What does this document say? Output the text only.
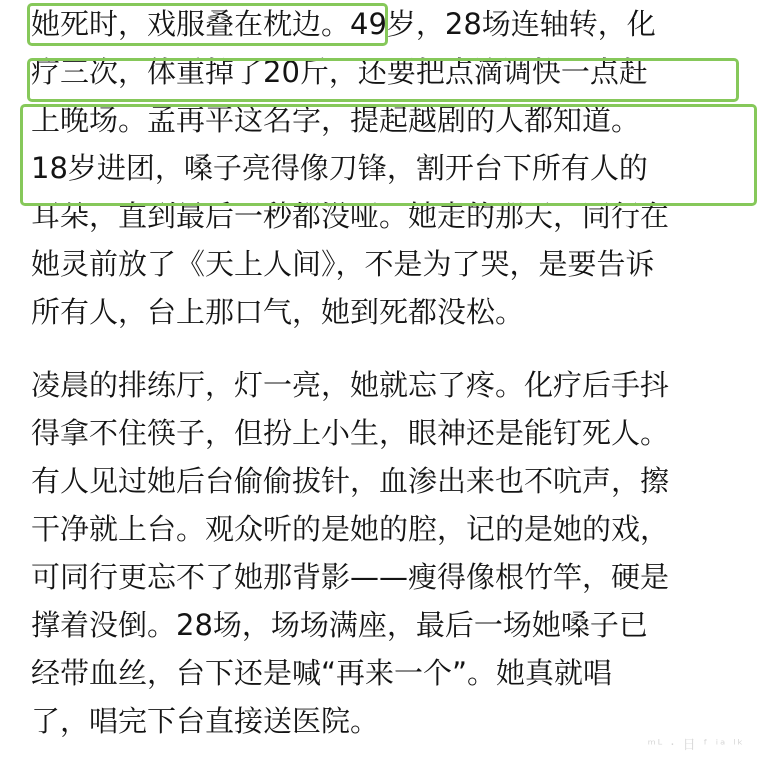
她死时，戏服叠在枕边。49岁，28场连轴转，化
疗三次，体重掉了20斤，还要把点滴调快一点赶
上晚场。孟再平这名字，提起越剧的人都知道。
18岁进团，嗓子亮得像刀锋，割开台下所有人的
耳朵，直到最后一秒都没哑。她走的那天，同行在
她灵前放了《天上人间》，不是为了哭，是要告诉
所有人，台上那口气，她到死都没松。
凌晨的排练厅，灯一亮，她就忘了疼。化疗后手抖
得拿不住筷子，但扮上小生，眼神还是能钉死人。
有人见过她后台偷偷拔针，血渗出来也不吭声，擦
干净就上台。观众听的是她的腔，记的是她的戏，
可同行更忘不了她那背影——瘦得像根竹竿，硬是
撑着没倒。28场，场场满座，最后一场她嗓子已
经带血丝，台下还是喊“再来一个”。她真就唱
了，唱完下台直接送医院。
ᵐᴸ · 日 ᶠ ⁱᵃ ˡᵏ
